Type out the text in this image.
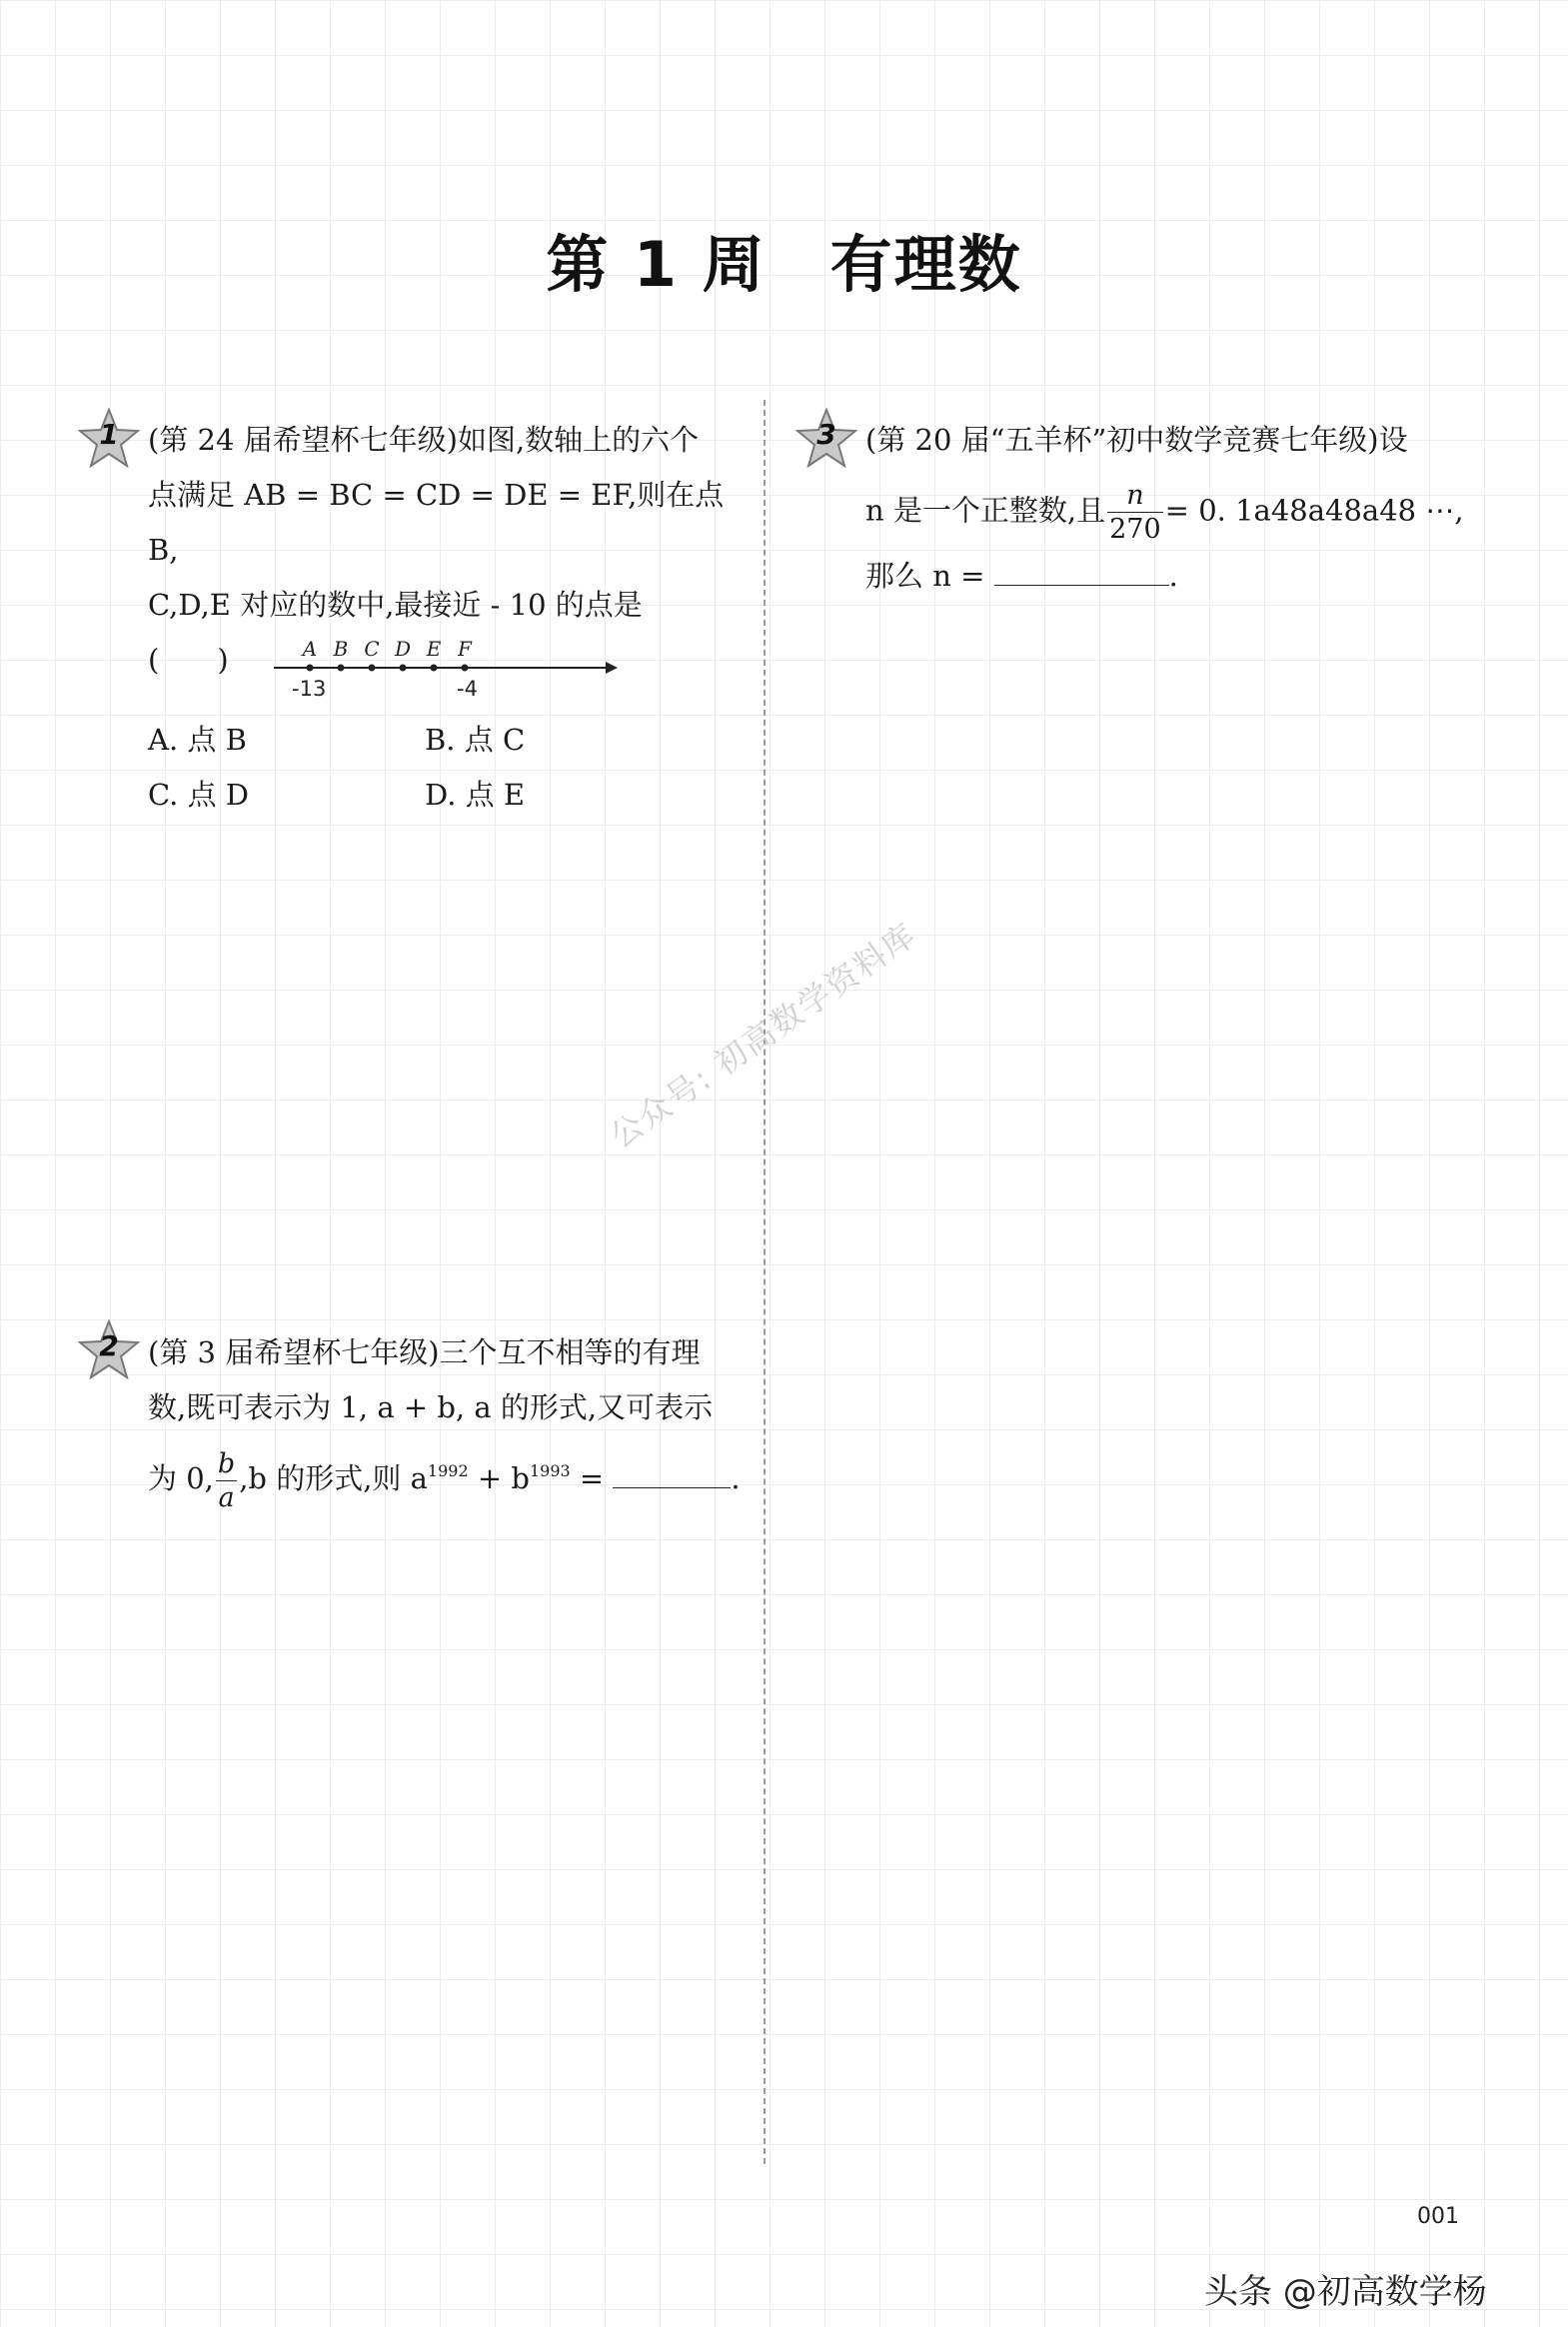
第 1 周　有理数
公众号: 初高数学资料库
1	(第 24 届希望杯七年级)如图,数轴上的六个
点满足 AB = BC = CD = DE = EF,则在点 B,
C,D,E 对应的数中,最接近 - 10 的点是
(　　)	A B C D E F
-13	-4
A. 点 B	B. 点 C
C. 点 D	D. 点 E
2	(第 3 届希望杯七年级)三个互不相等的有理
数,既可表示为 1, a + b, a 的形式,又可表示
为 0, $\frac{b}{a} ,b$ 的形式,则 $a^{1992} + b^{1993}$ =	.
3	(第 20 届“五羊杯”初中数学竞赛七年级)设
n 是一个正整数,且 $\frac{n}{270} = 0$. 1a48a48a48 ⋯,
那么 n =	.
001
头条 @初高数学杨
